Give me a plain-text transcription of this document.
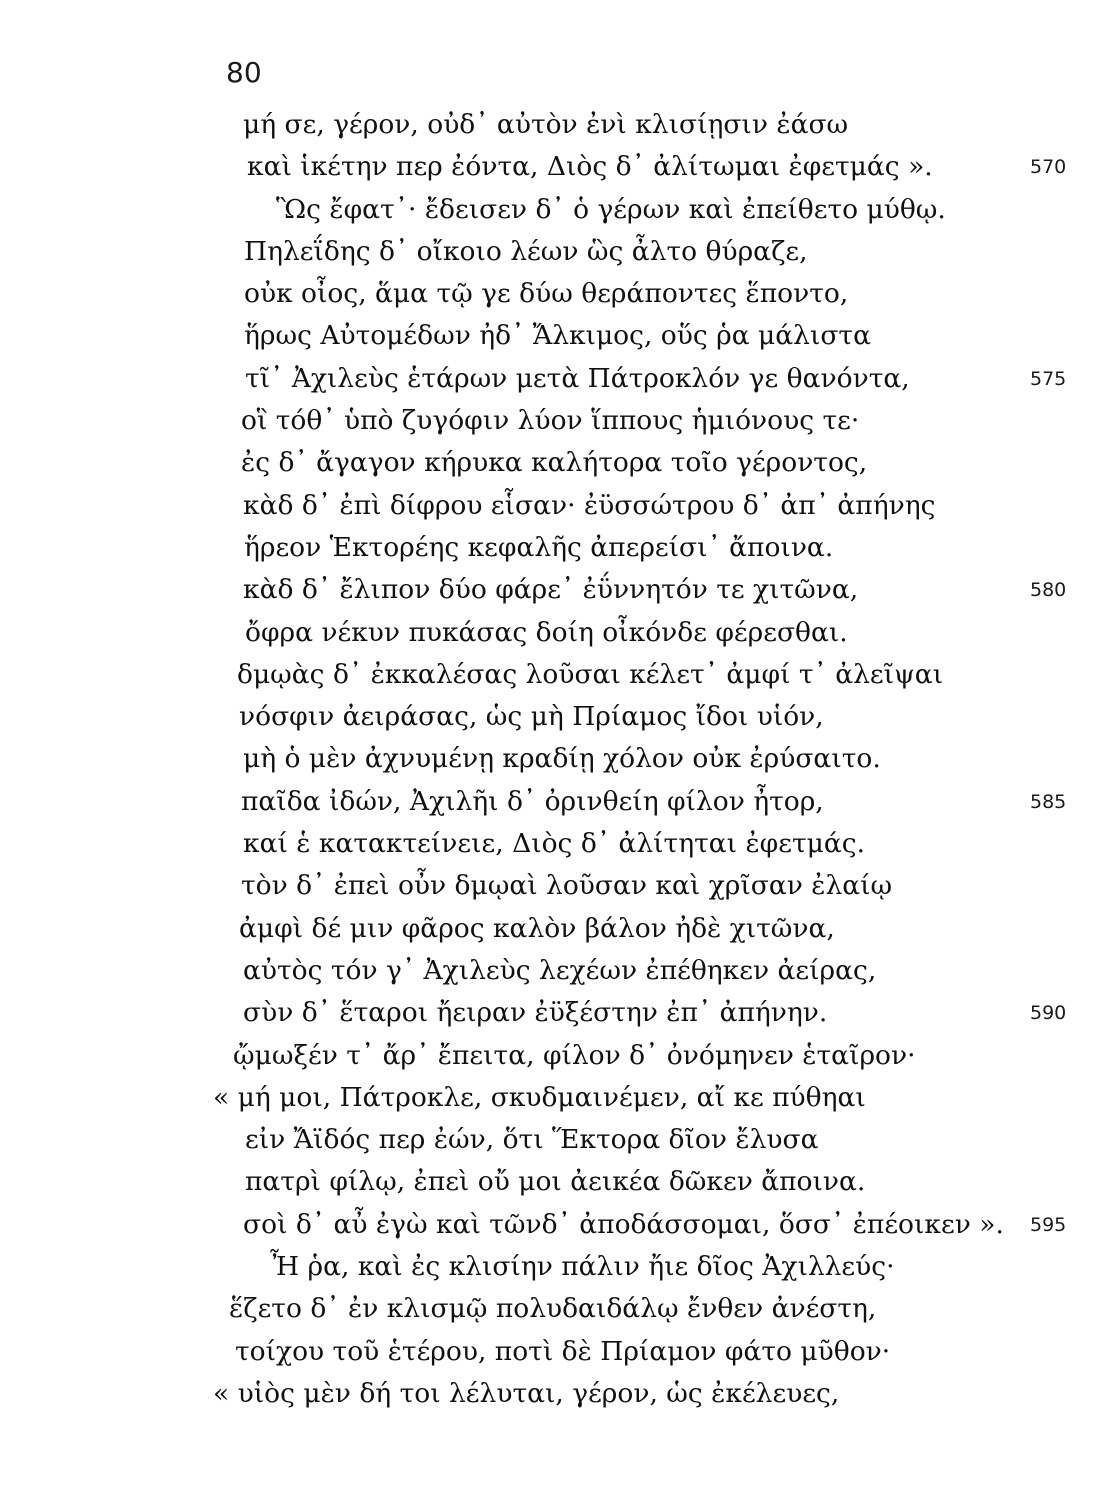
80
μή σε, γέρον, οὐδ᾽ αὐτὸν ἐνὶ κλισίῃσιν ἐάσω
καὶ ἱκέτην περ ἐόντα, Διὸς δ᾽ ἀλίτωμαι ἐφετμάς ».	570
Ὣς ἔφατ᾽· ἔδεισεν δ᾽ ὁ γέρων καὶ ἐπείθετο μύθῳ.
Πηλεΐδης δ᾽ οἴκοιο λέων ὣς ἆλτο θύραζε,
οὐκ οἶος, ἅμα τῷ γε δύω θεράποντες ἕποντο,
ἥρως Αὐτομέδων ἠδ᾽ Ἄλκιμος, οὕς ῥα μάλιστα
τῖ᾽ Ἀχιλεὺς ἑτάρων μετὰ Πάτροκλόν γε θανόντα,	575
οἳ τόθ᾽ ὑπὸ ζυγόφιν λύον ἵππους ἡμιόνους τε·
ἐς δ᾽ ἄγαγον κήρυκα καλήτορα τοῖο γέροντος,
κὰδ δ᾽ ἐπὶ δίφρου εἷσαν· ἐϋσσώτρου δ᾽ ἀπ᾽ ἀπήνης
ἥρεον Ἑκτορέης κεφαλῆς ἀπερείσι᾽ ἄποινα.
κὰδ δ᾽ ἔλιπον δύο φάρε᾽ ἐΰννητόν τε χιτῶνα,	580
ὄφρα νέκυν πυκάσας δοίη οἶκόνδε φέρεσθαι.
δμῳὰς δ᾽ ἐκκαλέσας λοῦσαι κέλετ᾽ ἀμφί τ᾽ ἀλεῖψαι
νόσφιν ἀειράσας, ὡς μὴ Πρίαμος ἴδοι υἱόν,
μὴ ὁ μὲν ἀχνυμένῃ κραδίῃ χόλον οὐκ ἐρύσαιτο.
παῖδα ἰδών, Ἀχιλῆι δ᾽ ὀρινθείη φίλον ἦτορ,	585
καί ἑ κατακτείνειε, Διὸς δ᾽ ἀλίτηται ἐφετμάς.
τὸν δ᾽ ἐπεὶ οὖν δμῳαὶ λοῦσαν καὶ χρῖσαν ἐλαίῳ
ἀμφὶ δέ μιν φᾶρος καλὸν βάλον ἠδὲ χιτῶνα,
αὐτὸς τόν γ᾽ Ἀχιλεὺς λεχέων ἐπέθηκεν ἀείρας,
σὺν δ᾽ ἕταροι ἤειραν ἐϋξέστην ἐπ᾽ ἀπήνην.	590
ᾤμωξέν τ᾽ ἄρ᾽ ἔπειτα, φίλον δ᾽ ὀνόμηνεν ἑταῖρον·
« μή μοι, Πάτροκλε, σκυδμαινέμεν, αἴ κε πύθηαι
εἰν Ἄϊδός περ ἐών, ὅτι Ἕκτορα δῖον ἔλυσα
πατρὶ φίλῳ, ἐπεὶ οὔ μοι ἀεικέα δῶκεν ἄποινα.
σοὶ δ᾽ αὖ ἐγὼ καὶ τῶνδ᾽ ἀποδάσσομαι, ὅσσ᾽ ἐπέοικεν ». 595
Ἦ ῥα, καὶ ἐς κλισίην πάλιν ἤιε δῖος Ἀχιλλεύς·
ἕζετο δ᾽ ἐν κλισμῷ πολυδαιδάλῳ ἔνθεν ἀνέστη,
τοίχου τοῦ ἑτέρου, ποτὶ δὲ Πρίαμον φάτο μῦθον·
« υἱὸς μὲν δή τοι λέλυται, γέρον, ὡς ἐκέλευες,
